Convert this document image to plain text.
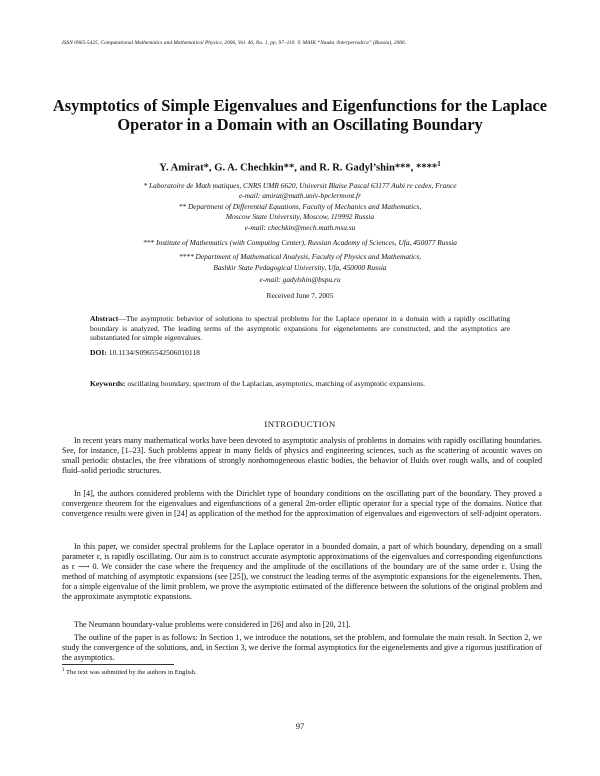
ISSN 0965-5425, Computational Mathematics and Mathematical Physics, 2006, Vol. 46, No. 1, pp. 97–110. © MAIK “Nauka /Interperiodica” (Russia), 2006.
Asymptotics of Simple Eigenvalues and Eigenfunctions for the Laplace Operator in a Domain with an Oscillating Boundary
Y. Amirat*, G. A. Chechkin**, and R. R. Gadyl’shin***, ****$^1$
* Laboratoire de Math matiques, CNRS UMR 6620, Universit Blaise Pascal 63177 Aubi re cedex, France
e-mail: amirat@math.univ-bpclermont.fr
** Department of Differential Equations, Faculty of Mechanics and Mathematics,
Moscow State University, Moscow, 119992 Russia
e-mail: chechkin@mech.math.msu.su
*** Institute of Mathematics (with Computing Center), Russian Academy of Sciences, Ufa, 450077 Russia
**** Department of Mathematical Analysis, Faculty of Physics and Mathematics,
Bashkir State Pedagogical University, Ufa, 450000 Russia
e-mail: gadylshin@bspu.ru
Received June 7, 2005
Abstract—The asymptotic behavior of solutions to spectral problems for the Laplace operator in a domain with a rapidly oscillating boundary is analyzed. The leading terms of the asymptotic expansions for eigenelements are constructed, and the asymptotics are substantiated for simple eigenvalues.
DOI: 10.1134/S0965542506010118
Keywords: oscillating boundary, spectrum of the Laplacian, asymptotics, matching of asymptotic expansions.
INTRODUCTION

In recent years many mathematical works have been devoted to asymptotic analysis of problems in domains with rapidly oscillating boundaries. See, for instance, [1–23]. Such problems appear in many fields of physics and engineering sciences, such as the scattering of acoustic waves on small periodic obstacles, the free vibrations of strongly nonhomogeneous elastic bodies, the behavior of fluids over rough walls, and of coupled fluid–solid periodic structures.

In [4], the authors considered problems with the Dirichlet type of boundary conditions on the oscillating part of the boundary. They proved a convergence theorem for the eigenvalues and eigenfunctions of a general 2m-order elliptic operator for a special type of the domains. Notice that convergence results were given in [24] as application of the method for the approximation of eigenvalues and eigenvectors of self-adjoint operators.

In this paper, we consider spectral problems for the Laplace operator in a bounded domain, a part of which boundary, depending on a small parameter ε, is rapidly oscillating. Our aim is to construct accurate asymptotic approximations of the eigenvalues and corresponding eigenfunctions as ε ⟶ 0. We consider the case where the frequency and the amplitude of the oscillations of the boundary are of the same order ε. Using the method of matching of asymptotic expansions (see [25]), we construct the leading terms of the asymptotic expansions for the eigenelements. Then, for a simple eigenvalue of the limit problem, we prove the asymptotic estimated of the difference between the solutions of the original problem and the approximate asymptotic expansions.

The Neumann boundary-value problems were considered in [26] and also in [20, 21].

The outline of the paper is as follows: In Section 1, we introduce the notations, set the problem, and formulate the main result. In Section 2, we study the convergence of the solutions, and, in Section 3, we derive the formal asymptotics for the eigenelements and give a rigorous justification of the asymptotics.

$^1$ The text was submitted by the authors in English.
97
